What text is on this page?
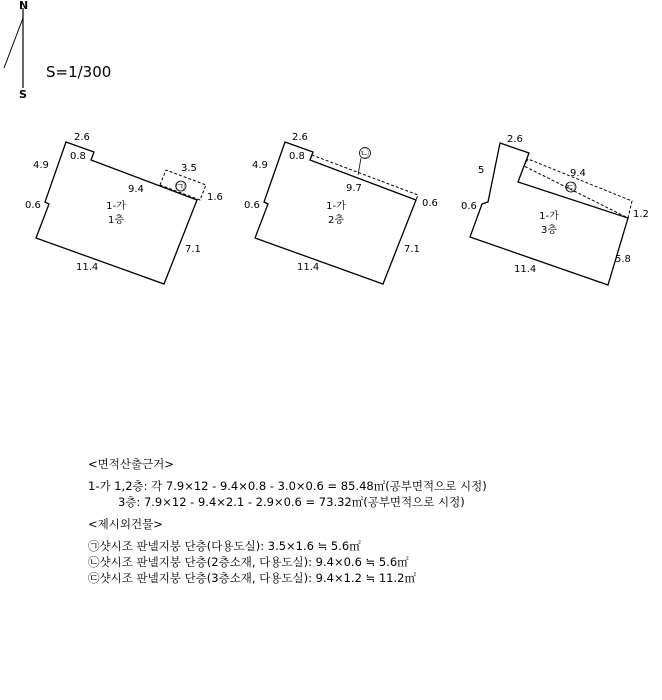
N
S
S=1/300
㉠
2.6
0.8
4.9
0.6
9.4
3.5
1.6
7.1
11.4
1-가
1층
㉡
2.6
0.8
4.9
0.6
9.7
0.6
7.1
11.4
1-가
2층
㉢
2.6
5
0.6
9.4
1.2
5.8
11.4
1-가
3층
<면적산출근거>
1-가 1,2층: 각 7.9×12 - 9.4×0.8 - 3.0×0.6 = 85.48㎡(공부면적으로 시정)
3층: 7.9×12 - 9.4×2.1 - 2.9×0.6 = 73.32㎡(공부면적으로 시정)
<제시외건물>
㉠샷시조 판넬지붕 단층(다용도실): 3.5×1.6 ≒ 5.6㎡
㉡샷시조 판넬지붕 단층(2층소재, 다용도실): 9.4×0.6 ≒ 5.6㎡
㉢샷시조 판넬지붕 단층(3층소재, 다용도실): 9.4×1.2 ≒ 11.2㎡
